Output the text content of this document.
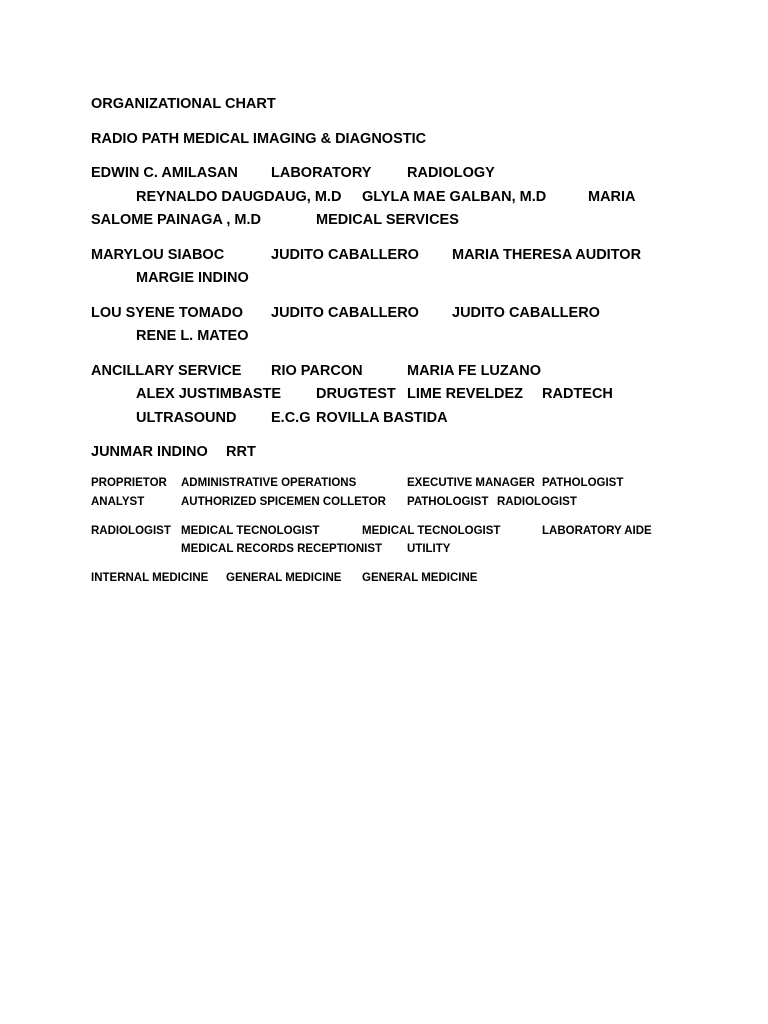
ORGANIZATIONAL CHART
RADIO PATH MEDICAL IMAGING & DIAGNOSTIC
EDWIN C. AMILASAN LABORATORY RADIOLOGY
REYNALDO DAUGDAUG, M.D GLYLA MAE GALBAN, M.D	MARIA
SALOME PAINAGA , M.D	MEDICAL SERVICES
MARYLOU SIABOC	JUDITO CABALLERO MARIA THERESA AUDITOR
MARGIE INDINO
LOU SYENE TOMADO JUDITO CABALLERO JUDITO CABALLERO
RENE L. MATEO
ANCILLARY SERVICE RIO PARCON	MARIA FE LUZANO
ALEX JUSTIMBASTE DRUGTEST LIME REVELDEZ RADTECH
ULTRASOUND E.C.G ROVILLA BASTIDA
JUNMAR INDINO RRT
PROPRIETOR ADMINISTRATIVE OPERATIONS	EXECUTIVE MANAGER PATHOLOGIST
ANALYST	AUTHORIZED SPICEMEN COLLETOR PATHOLOGIST RADIOLOGIST
RADIOLOGIST MEDICAL TECNOLOGIST	MEDICAL TECNOLOGIST	LABORATORY AIDE
MEDICAL RECORDS RECEPTIONIST UTILITY
INTERNAL MEDICINE GENERAL MEDICINE GENERAL MEDICINE
